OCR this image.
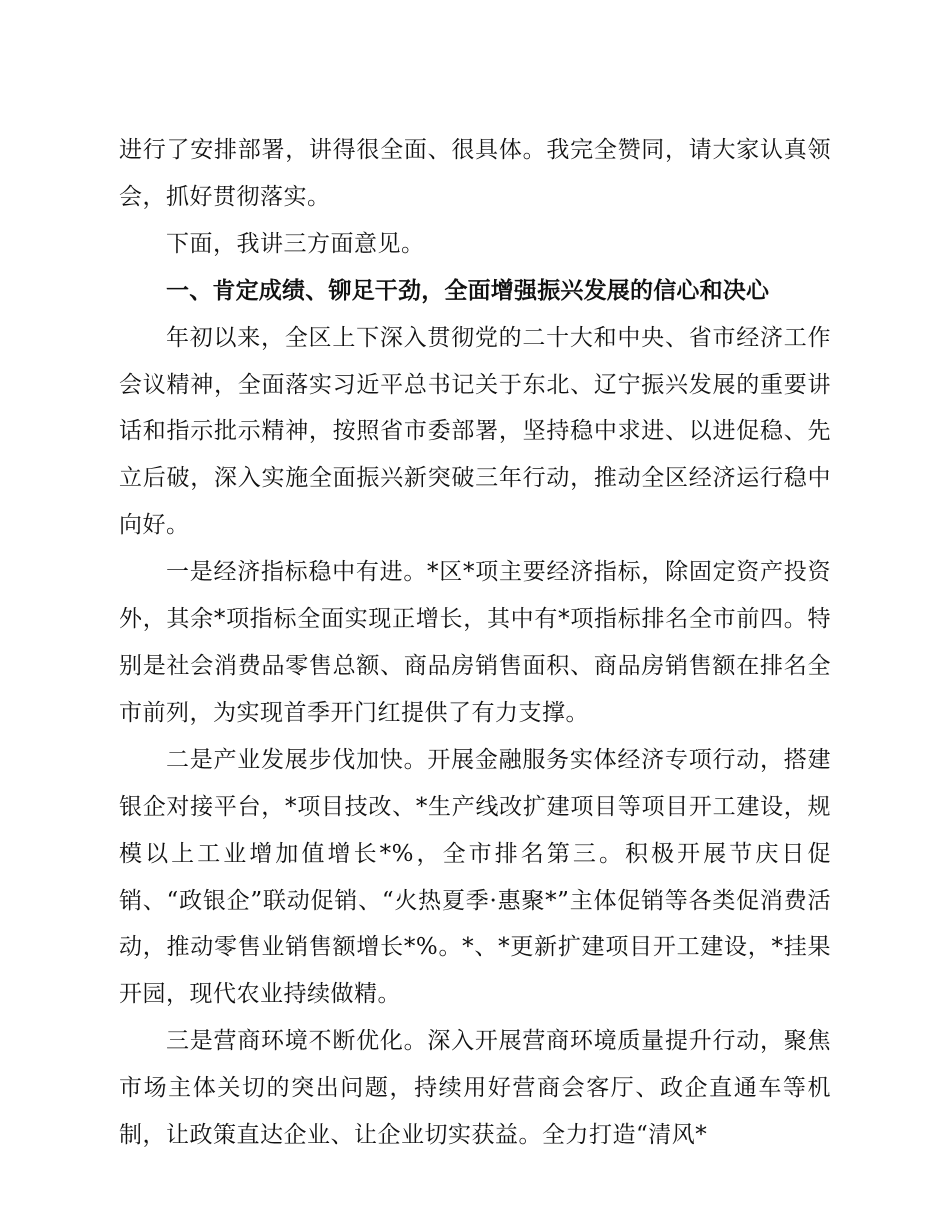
进行了安排部署，讲得很全面、很具体。我完全赞同，请大家认真领会，抓好贯彻落实。

下面，我讲三方面意见。

一、肯定成绩、铆足干劲，全面增强振兴发展的信心和决心

年初以来，全区上下深入贯彻党的二十大和中央、省市经济工作会议精神，全面落实习近平总书记关于东北、辽宁振兴发展的重要讲话和指示批示精神，按照省市委部署，坚持稳中求进、以进促稳、先立后破，深入实施全面振兴新突破三年行动，推动全区经济运行稳中向好。

一是经济指标稳中有进。*区*项主要经济指标，除固定资产投资外，其余*项指标全面实现正增长，其中有*项指标排名全市前四。特别是社会消费品零售总额、商品房销售面积、商品房销售额在排名全市前列，为实现首季开门红提供了有力支撑。

二是产业发展步伐加快。开展金融服务实体经济专项行动，搭建银企对接平台，*项目技改、*生产线改扩建项目等项目开工建设，规模以上工业增加值增长*%，全市排名第三。积极开展节庆日促销、“政银企”联动促销、“火热夏季·惠聚*”主体促销等各类促消费活动，推动零售业销售额增长*%。*、*更新扩建项目开工建设，*挂果开园，现代农业持续做精。

三是营商环境不断优化。深入开展营商环境质量提升行动，聚焦市场主体关切的突出问题，持续用好营商会客厅、政企直通车等机制，让政策直达企业、让企业切实获益。全力打造“清风*
